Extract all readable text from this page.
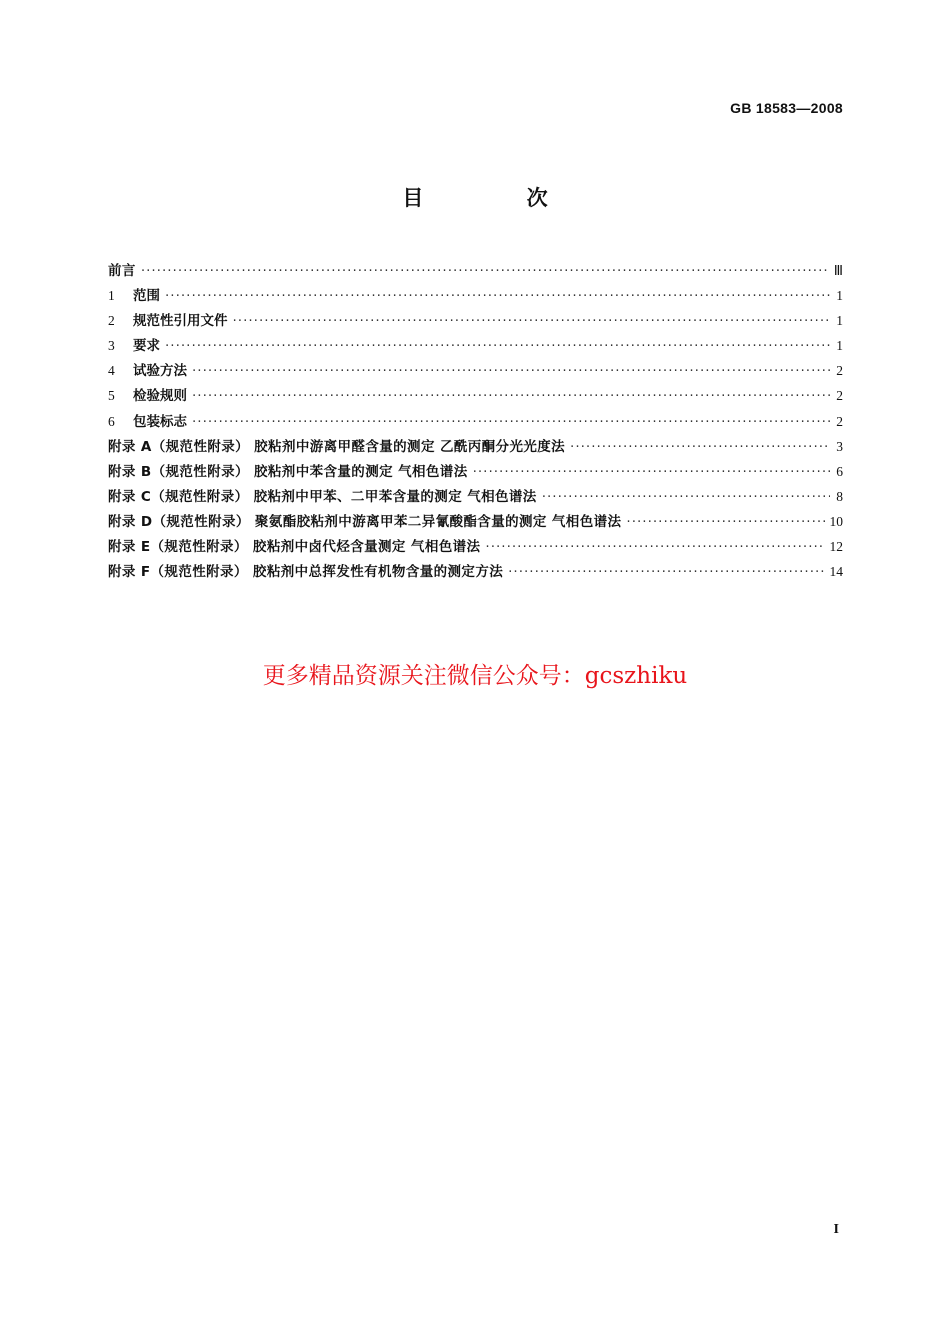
GB 18583—2008
目 次
前言 ·····	Ⅲ
1	范围 ·····	1
2	规范性引用文件 ·····	1
3	要求 ·····	1
4	试验方法 ·····	2
5	检验规则 ·····	2
6	包装标志 ·····	2
附录 A（规范性附录） 胶粘剂中游离甲醛含量的测定 乙酰丙酮分光光度法 ·····	3
附录 B（规范性附录） 胶粘剂中苯含量的测定 气相色谱法 ·····	6
附录 C（规范性附录） 胶粘剂中甲苯、二甲苯含量的测定 气相色谱法 ·····	8
附录 D（规范性附录） 聚氨酯胶粘剂中游离甲苯二异氰酸酯含量的测定 气相色谱法 ·····	10
附录 E（规范性附录） 胶粘剂中卤代烃含量测定 气相色谱法 ·····	12
附录 F（规范性附录） 胶粘剂中总挥发性有机物含量的测定方法 ·····	14
更多精品资源关注微信公众号：gcszhiku
I
